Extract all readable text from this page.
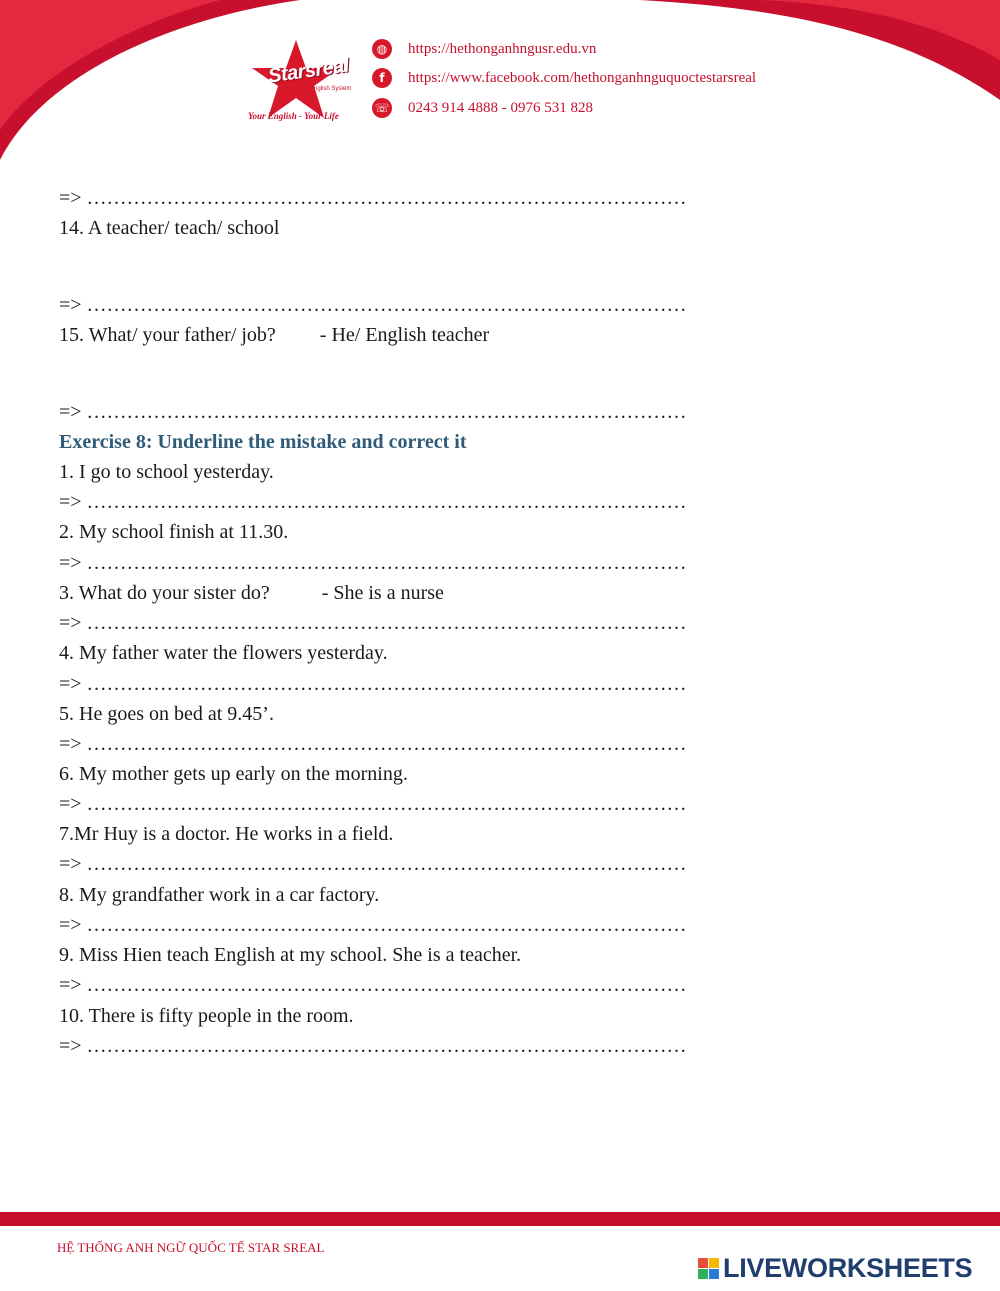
Starsreal
English System
Your English - Your Life
◍	https://hethonganhngusr.edu.vn
f	https://www.facebook.com/hethonganhnguquoctestarsreal
☏ 0243 914 4888 - 0976 531 828
=> ………………………………………………………………………………
14. A teacher/ teach/ school
=> ………………………………………………………………………………
15. What/ your father/ job? - He/ English teacher
=> ………………………………………………………………………………
Exercise 8: Underline the mistake and correct it
1. I go to school yesterday.
=> ………………………………………………………………………………
2. My school finish at 11.30.
=> ………………………………………………………………………………
3. What do your sister do?	- She is a nurse
=> ………………………………………………………………………………
4. My father water the flowers yesterday.
=> ………………………………………………………………………………
5. He goes on bed at 9.45’.
=> ………………………………………………………………………………
6. My mother gets up early on the morning.
=> ………………………………………………………………………………
7.Mr Huy is a doctor. He works in a field.
=> ………………………………………………………………………………
8. My grandfather work in a car factory.
=> ………………………………………………………………………………
9. Miss Hien teach English at my school. She is a teacher.
=> ………………………………………………………………………………
10. There is fifty people in the room.
=> ………………………………………………………………………………
HỆ THỐNG ANH NGỮ QUỐC TẾ STAR SREAL
LIVEWORKSHEETS
